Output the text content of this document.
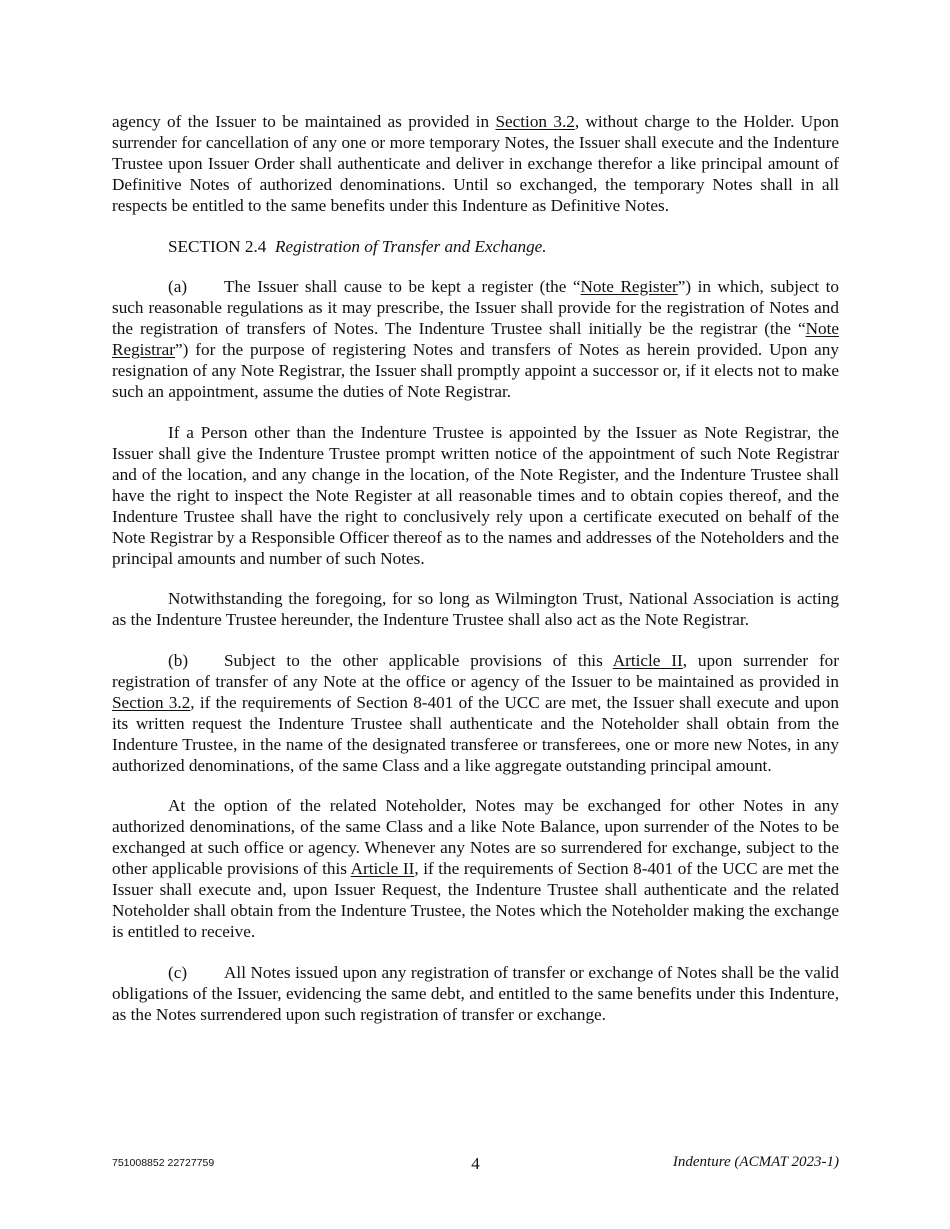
agency of the Issuer to be maintained as provided in Section 3.2, without charge to the Holder. Upon surrender for cancellation of any one or more temporary Notes, the Issuer shall execute and the Indenture Trustee upon Issuer Order shall authenticate and deliver in exchange therefor a like principal amount of Definitive Notes of authorized denominations. Until so exchanged, the temporary Notes shall in all respects be entitled to the same benefits under this Indenture as Definitive Notes.

SECTION 2.4 Registration of Transfer and Exchange.

(a) The Issuer shall cause to be kept a register (the “Note Register”) in which, subject to such reasonable regulations as it may prescribe, the Issuer shall provide for the registration of Notes and the registration of transfers of Notes. The Indenture Trustee shall initially be the registrar (the “Note Registrar”) for the purpose of registering Notes and transfers of Notes as herein provided. Upon any resignation of any Note Registrar, the Issuer shall promptly appoint a successor or, if it elects not to make such an appointment, assume the duties of Note Registrar.

If a Person other than the Indenture Trustee is appointed by the Issuer as Note Registrar, the Issuer shall give the Indenture Trustee prompt written notice of the appointment of such Note Registrar and of the location, and any change in the location, of the Note Register, and the Indenture Trustee shall have the right to inspect the Note Register at all reasonable times and to obtain copies thereof, and the Indenture Trustee shall have the right to conclusively rely upon a certificate executed on behalf of the Note Registrar by a Responsible Officer thereof as to the names and addresses of the Noteholders and the principal amounts and number of such Notes.

Notwithstanding the foregoing, for so long as Wilmington Trust, National Association is acting as the Indenture Trustee hereunder, the Indenture Trustee shall also act as the Note Registrar.

(b) Subject to the other applicable provisions of this Article II, upon surrender for registration of transfer of any Note at the office or agency of the Issuer to be maintained as provided in Section 3.2, if the requirements of Section 8-401 of the UCC are met, the Issuer shall execute and upon its written request the Indenture Trustee shall authenticate and the Noteholder shall obtain from the Indenture Trustee, in the name of the designated transferee or transferees, one or more new Notes, in any authorized denominations, of the same Class and a like aggregate outstanding principal amount.

At the option of the related Noteholder, Notes may be exchanged for other Notes in any authorized denominations, of the same Class and a like Note Balance, upon surrender of the Notes to be exchanged at such office or agency. Whenever any Notes are so surrendered for exchange, subject to the other applicable provisions of this Article II, if the requirements of Section 8-401 of the UCC are met the Issuer shall execute and, upon Issuer Request, the Indenture Trustee shall authenticate and the related Noteholder shall obtain from the Indenture Trustee, the Notes which the Noteholder making the exchange is entitled to receive.

(c) All Notes issued upon any registration of transfer or exchange of Notes shall be the valid obligations of the Issuer, evidencing the same debt, and entitled to the same benefits under this Indenture, as the Notes surrendered upon such registration of transfer or exchange.

751008852 22727759	4	Indenture (ACMAT 2023-1)
